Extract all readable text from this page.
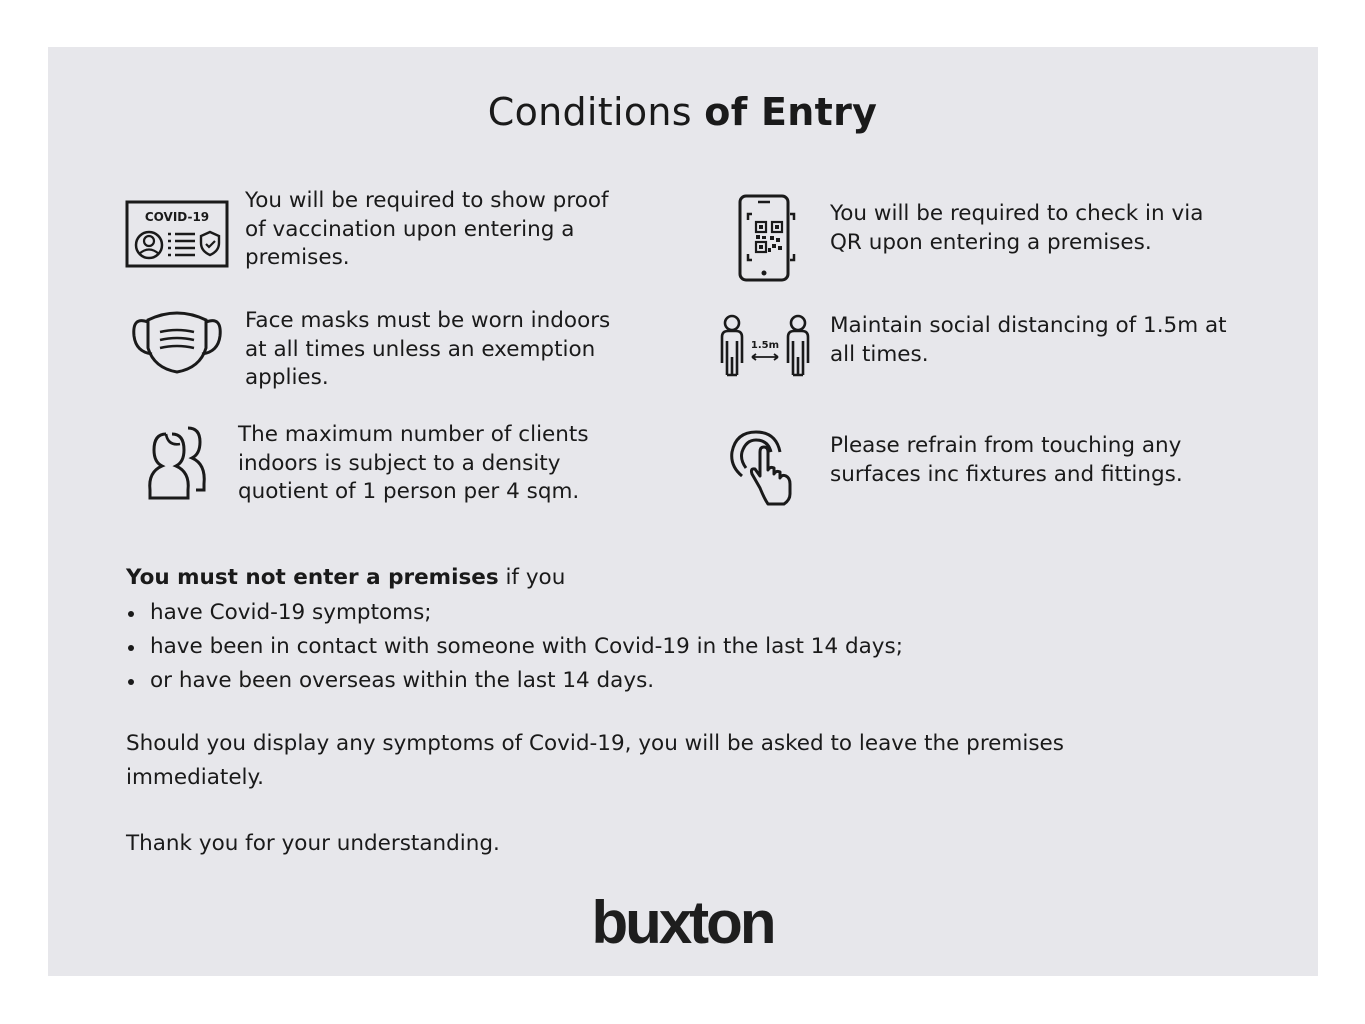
Conditions of Entry
COVID-19
You will be required to show proof
of vaccination upon entering a
premises.
Face masks must be worn indoors
at all times unless an exemption
applies.
The maximum number of clients
indoors is subject to a density
quotient of 1 person per 4 sqm.
You will be required to check in via
QR upon entering a premises.
1.5m
Maintain social distancing of 1.5m at
all times.
Please refrain from touching any
surfaces inc fixtures and fittings.
You must not enter a premises if you
have Covid-19 symptoms;
have been in contact with someone with Covid-19 in the last 14 days;
or have been overseas within the last 14 days.
Should you display any symptoms of Covid-19, you will be asked to leave the premises
immediately.
Thank you for your understanding.
buxton
